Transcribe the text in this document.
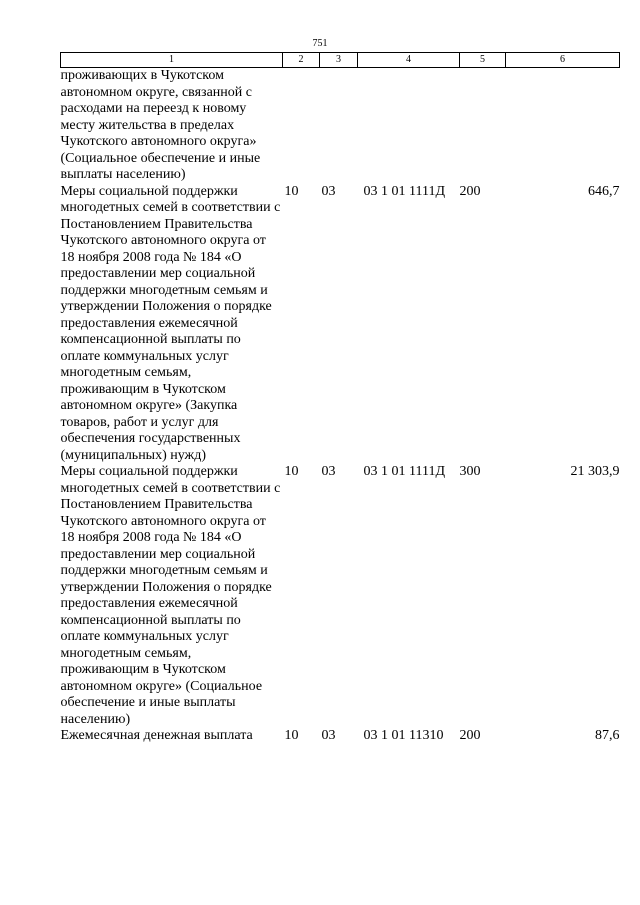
751
1	2	3	4	5	6
проживающих в Чукотском автономном округе, связанной с расходами на переезд к новому месту жительства в пределах Чукотского автономного округа» (Социальное обеспечение и иные выплаты населению)					
Меры социальной поддержки многодетных семей в соответствии с Постановлением Правительства Чукотского автономного округа от 18 ноября 2008 года № 184 «О предоставлении мер социальной поддержки многодетным семьям и утверждении Положения о порядке предоставления ежемесячной компенсационной выплаты по оплате коммунальных услуг многодетным семьям, проживающим в Чукотском автономном округе» (Закупка товаров, работ и услуг для обеспечения государственных (муниципальных) нужд)	10	03	03 1 01 1111Д	200	646,7
Меры социальной поддержки многодетных семей в соответствии с Постановлением Правительства Чукотского автономного округа от 18 ноября 2008 года № 184 «О предоставлении мер социальной поддержки многодетным семьям и утверждении Положения о порядке предоставления ежемесячной компенсационной выплаты по оплате коммунальных услуг многодетным семьям, проживающим в Чукотском автономном округе» (Социальное обеспечение и иные выплаты населению)	10	03	03 1 01 1111Д	300	21 303,9
Ежемесячная денежная выплата	10	03	03 1 01 11310	200	87,6
